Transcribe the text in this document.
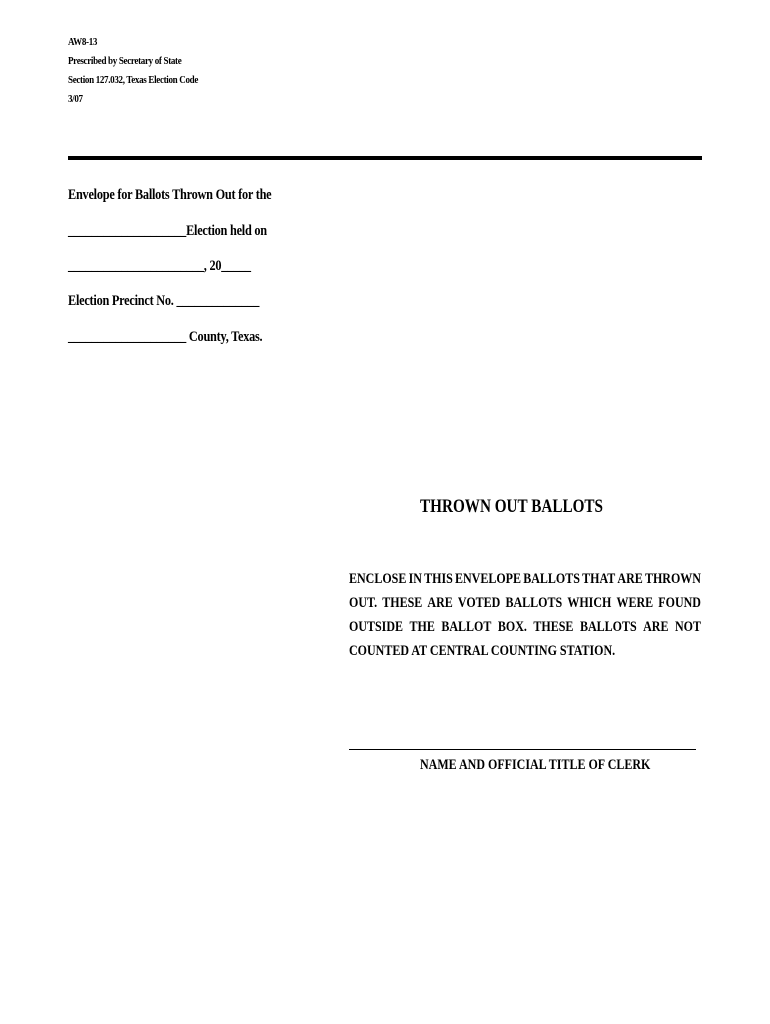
AW8-13
Prescribed by Secretary of State
Section 127.032, Texas Election Code
3/07
Envelope for Ballots Thrown Out for the
____________________Election held on
_______________________, 20_____
Election Precinct No. ______________
____________________ County, Texas.
THROWN OUT BALLOTS
ENCLOSE IN THIS ENVELOPE BALLOTS THAT ARE THROWN
OUT. THESE ARE VOTED BALLOTS WHICH WERE FOUND
OUTSIDE THE BALLOT BOX. THESE BALLOTS ARE NOT
COUNTED AT CENTRAL COUNTING STATION.
NAME AND OFFICIAL TITLE OF CLERK
